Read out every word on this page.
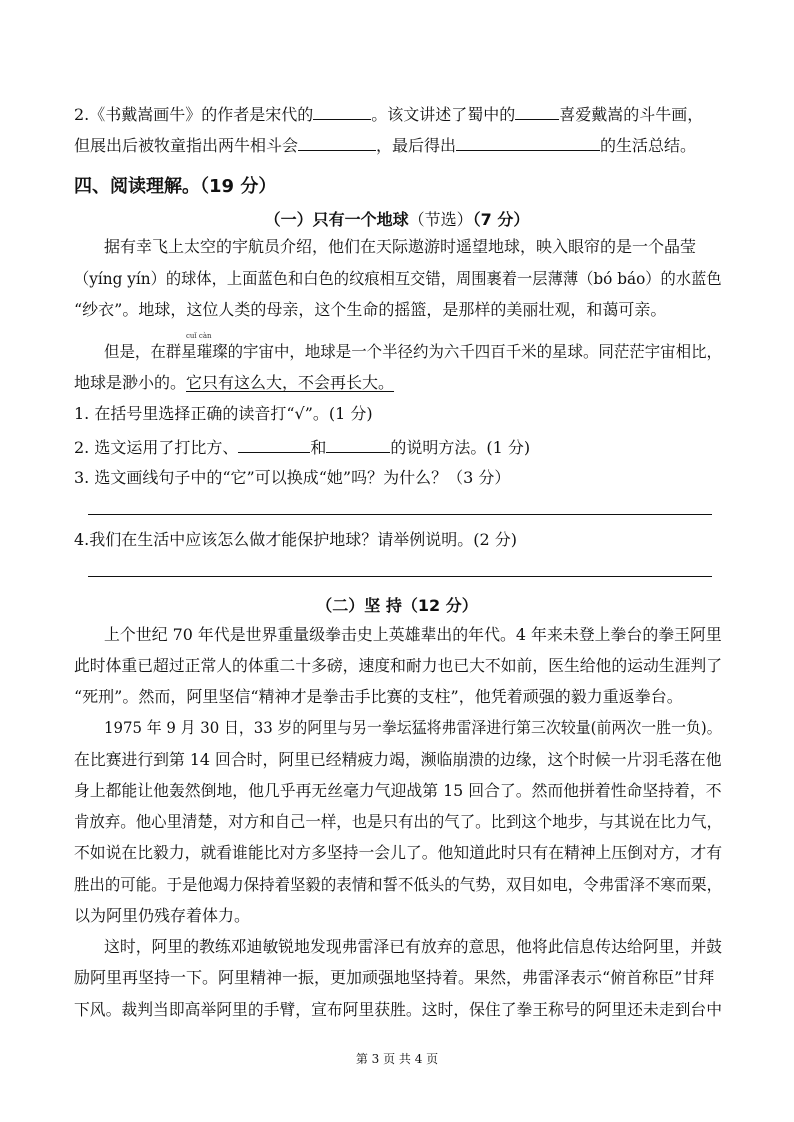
2.《书戴嵩画牛》的作者是宋代的	。该文讲述了蜀中的	喜爱戴嵩的斗牛画，
但展出后被牧童指出两牛相斗会	，最后得出	的生活总结。
四、阅读理解。（19 分）
（一）只有一个地球（节选）（7 分）
据有幸飞上太空的宇航员介绍，他们在天际遨游时遥望地球，映入眼帘的是一个晶莹
（yíng yín）的球体，上面蓝色和白色的纹痕相互交错，周围裹着一层薄薄（bó báo）的水蓝色
“纱衣”。地球，这位人类的母亲，这个生命的摇篮，是那样的美丽壮观，和蔼可亲。
cuǐ càn
但是，在群星璀璨的宇宙中，地球是一个半径约为六千四百千米的星球。同茫茫宇宙相比，
地球是渺小的。它只有这么大，不会再长大。
1. 在括号里选择正确的读音打“√”。(1 分)
2. 选文运用了打比方、	和	的说明方法。(1 分)
3. 选文画线句子中的“它”可以换成“她”吗？为什么？（3 分）
4.我们在生活中应该怎么做才能保护地球？请举例说明。(2 分)
（二）坚 持（12 分）
上个世纪 70 年代是世界重量级拳击史上英雄辈出的年代。4 年来未登上拳台的拳王阿里
此时体重已超过正常人的体重二十多磅，速度和耐力也已大不如前，医生给他的运动生涯判了
“死刑”。然而，阿里坚信“精神才是拳击手比赛的支柱”，他凭着顽强的毅力重返拳台。
1975 年 9 月 30 日，33 岁的阿里与另一拳坛猛将弗雷泽进行第三次较量(前两次一胜一负)。
在比赛进行到第 14 回合时，阿里已经精疲力竭，濒临崩溃的边缘，这个时候一片羽毛落在他
身上都能让他轰然倒地，他几乎再无丝毫力气迎战第 15 回合了。然而他拼着性命坚持着，不
肯放弃。他心里清楚，对方和自己一样，也是只有出的气了。比到这个地步，与其说在比力气，
不如说在比毅力，就看谁能比对方多坚持一会儿了。他知道此时只有在精神上压倒对方，才有
胜出的可能。于是他竭力保持着坚毅的表情和誓不低头的气势，双目如电，令弗雷泽不寒而栗，
以为阿里仍残存着体力。
这时，阿里的教练邓迪敏锐地发现弗雷泽已有放弃的意思，他将此信息传达给阿里，并鼓
励阿里再坚持一下。阿里精神一振，更加顽强地坚持着。果然，弗雷泽表示“俯首称臣”甘拜
下风。裁判当即高举阿里的手臂，宣布阿里获胜。这时，保住了拳王称号的阿里还未走到台中
第 3 页 共 4 页
